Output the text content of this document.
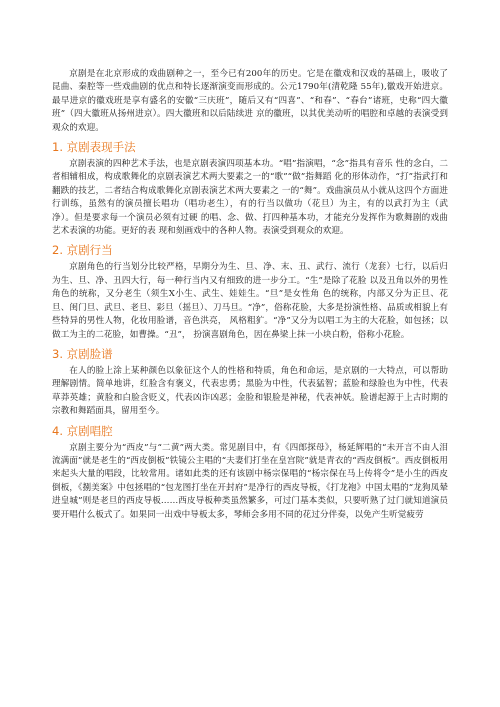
京剧是在北京形成的戏曲剧种之一，至今已有200年的历史。它是在徽戏和汉戏的基础上，吸收了昆曲、秦腔等一些戏曲剧的优点和特长逐渐演变而形成的。公元1790年(清乾隆 55年),徽戏开始进京。最早进京的徽戏班是享有盛名的安徽“三庆班”，随后又有“四喜”、“和春”、“春台”诸班，史称“四大徽班”（四大徽班从扬州进京）。四大徽班和以后陆续进 京的徽班，以其优美动听的唱腔和卓越的表演受到观众的欢迎。

1. 京剧表现手法

京剧表演的四种艺术手法，也是京剧表演四项基本功。“唱”指演唱，“念”指具有音乐 性的念白，二者相辅相成，构成歌舞化的京剧表演艺术两大要素之一的“歌”“做”指舞蹈 化的形体动作，“打”指武打和翻跌的技艺，二者结合构成歌舞化京剧表演艺术两大要素之 一的“舞”。戏曲演员从小就从这四个方面进行训练，虽然有的演员擅长唱功（唱功老生），有的行当以做功（花旦）为主，有的以武打为主（武净）。但是要求每一个演员必须有过硬 的唱、念、做、打四种基本功，才能充分发挥作为歌舞剧的戏曲艺术表演的功能。更好的表 现和刻画戏中的各种人物。表演受到观众的欢迎。

2. 京剧行当

京剧角色的行当划分比较严格，早期分为生、旦、净、末、丑、武行、流行（龙套）七行，以后归为生、旦、净、丑四大行，每一种行当内又有细致的进一步分工。“生”是除了花脸 以及丑角以外的男性角色的统称，又分老生（须生X小生、武生、娃娃生。“旦”是女性角 色的统称，内部又分为正旦、花旦、闺门旦、武旦、老旦、彩旦（摇旦）、刀马旦。“净”，俗称花脸，大多是扮演性格、品质或相貌上有些特异的男性人物，化妆用脸谱，音色洪亮， 风格粗犷。“净”又分为以唱工为主的大花脸，如包拯；以做工为主的二花脸，如曹操。“丑”， 扮演喜剧角色，因在鼻梁上抹一小块白粉，俗称小花脸。

3. 京剧脸谱

在人的脸上涂上某种颜色以象征这个人的性格和特质，角色和命运，是京剧的一大特点，可以帮助理解剧情。简单地讲，红脸含有褒义，代表忠勇；黑脸为中性，代表猛智；蓝脸和绿脸也为中性，代表草莽英雄；黄脸和白脸含贬义，代表凶诈凶恶；金脸和银脸是神秘，代表神妖。脸谱起源于上古时期的宗教和舞蹈面具，留用至今。

4. 京剧唱腔

京剧主要分为“西皮”与“二黄”两大类。常见剧目中，有《四郎探母》，杨延辉唱的“未开言不由人泪流满面”就是老生的“西皮倒板”铁镜公主唱的“夫妻们打坐在皇宫院”就是青衣的“西皮倒板”。西皮倒板用来起头大量的唱段，比较常用。诸如此类的还有该剧中杨宗保唱的“杨宗保在马上传将令”是小生的西皮倒板，《捌美案》中包拯唱的“包龙图打坐在开封府”是净行的西皮导板，《打龙袍》中国太唱的“龙狗凤辇进皇城”则是老旦的西皮导板……西皮导板种类虽然繁多，可过门基本类似，只要听熟了过门就知道演员要开唱什么板式了。如果同一出戏中导板太多，琴师会多用不同的花过分伴奏，以免产生听觉疲劳
